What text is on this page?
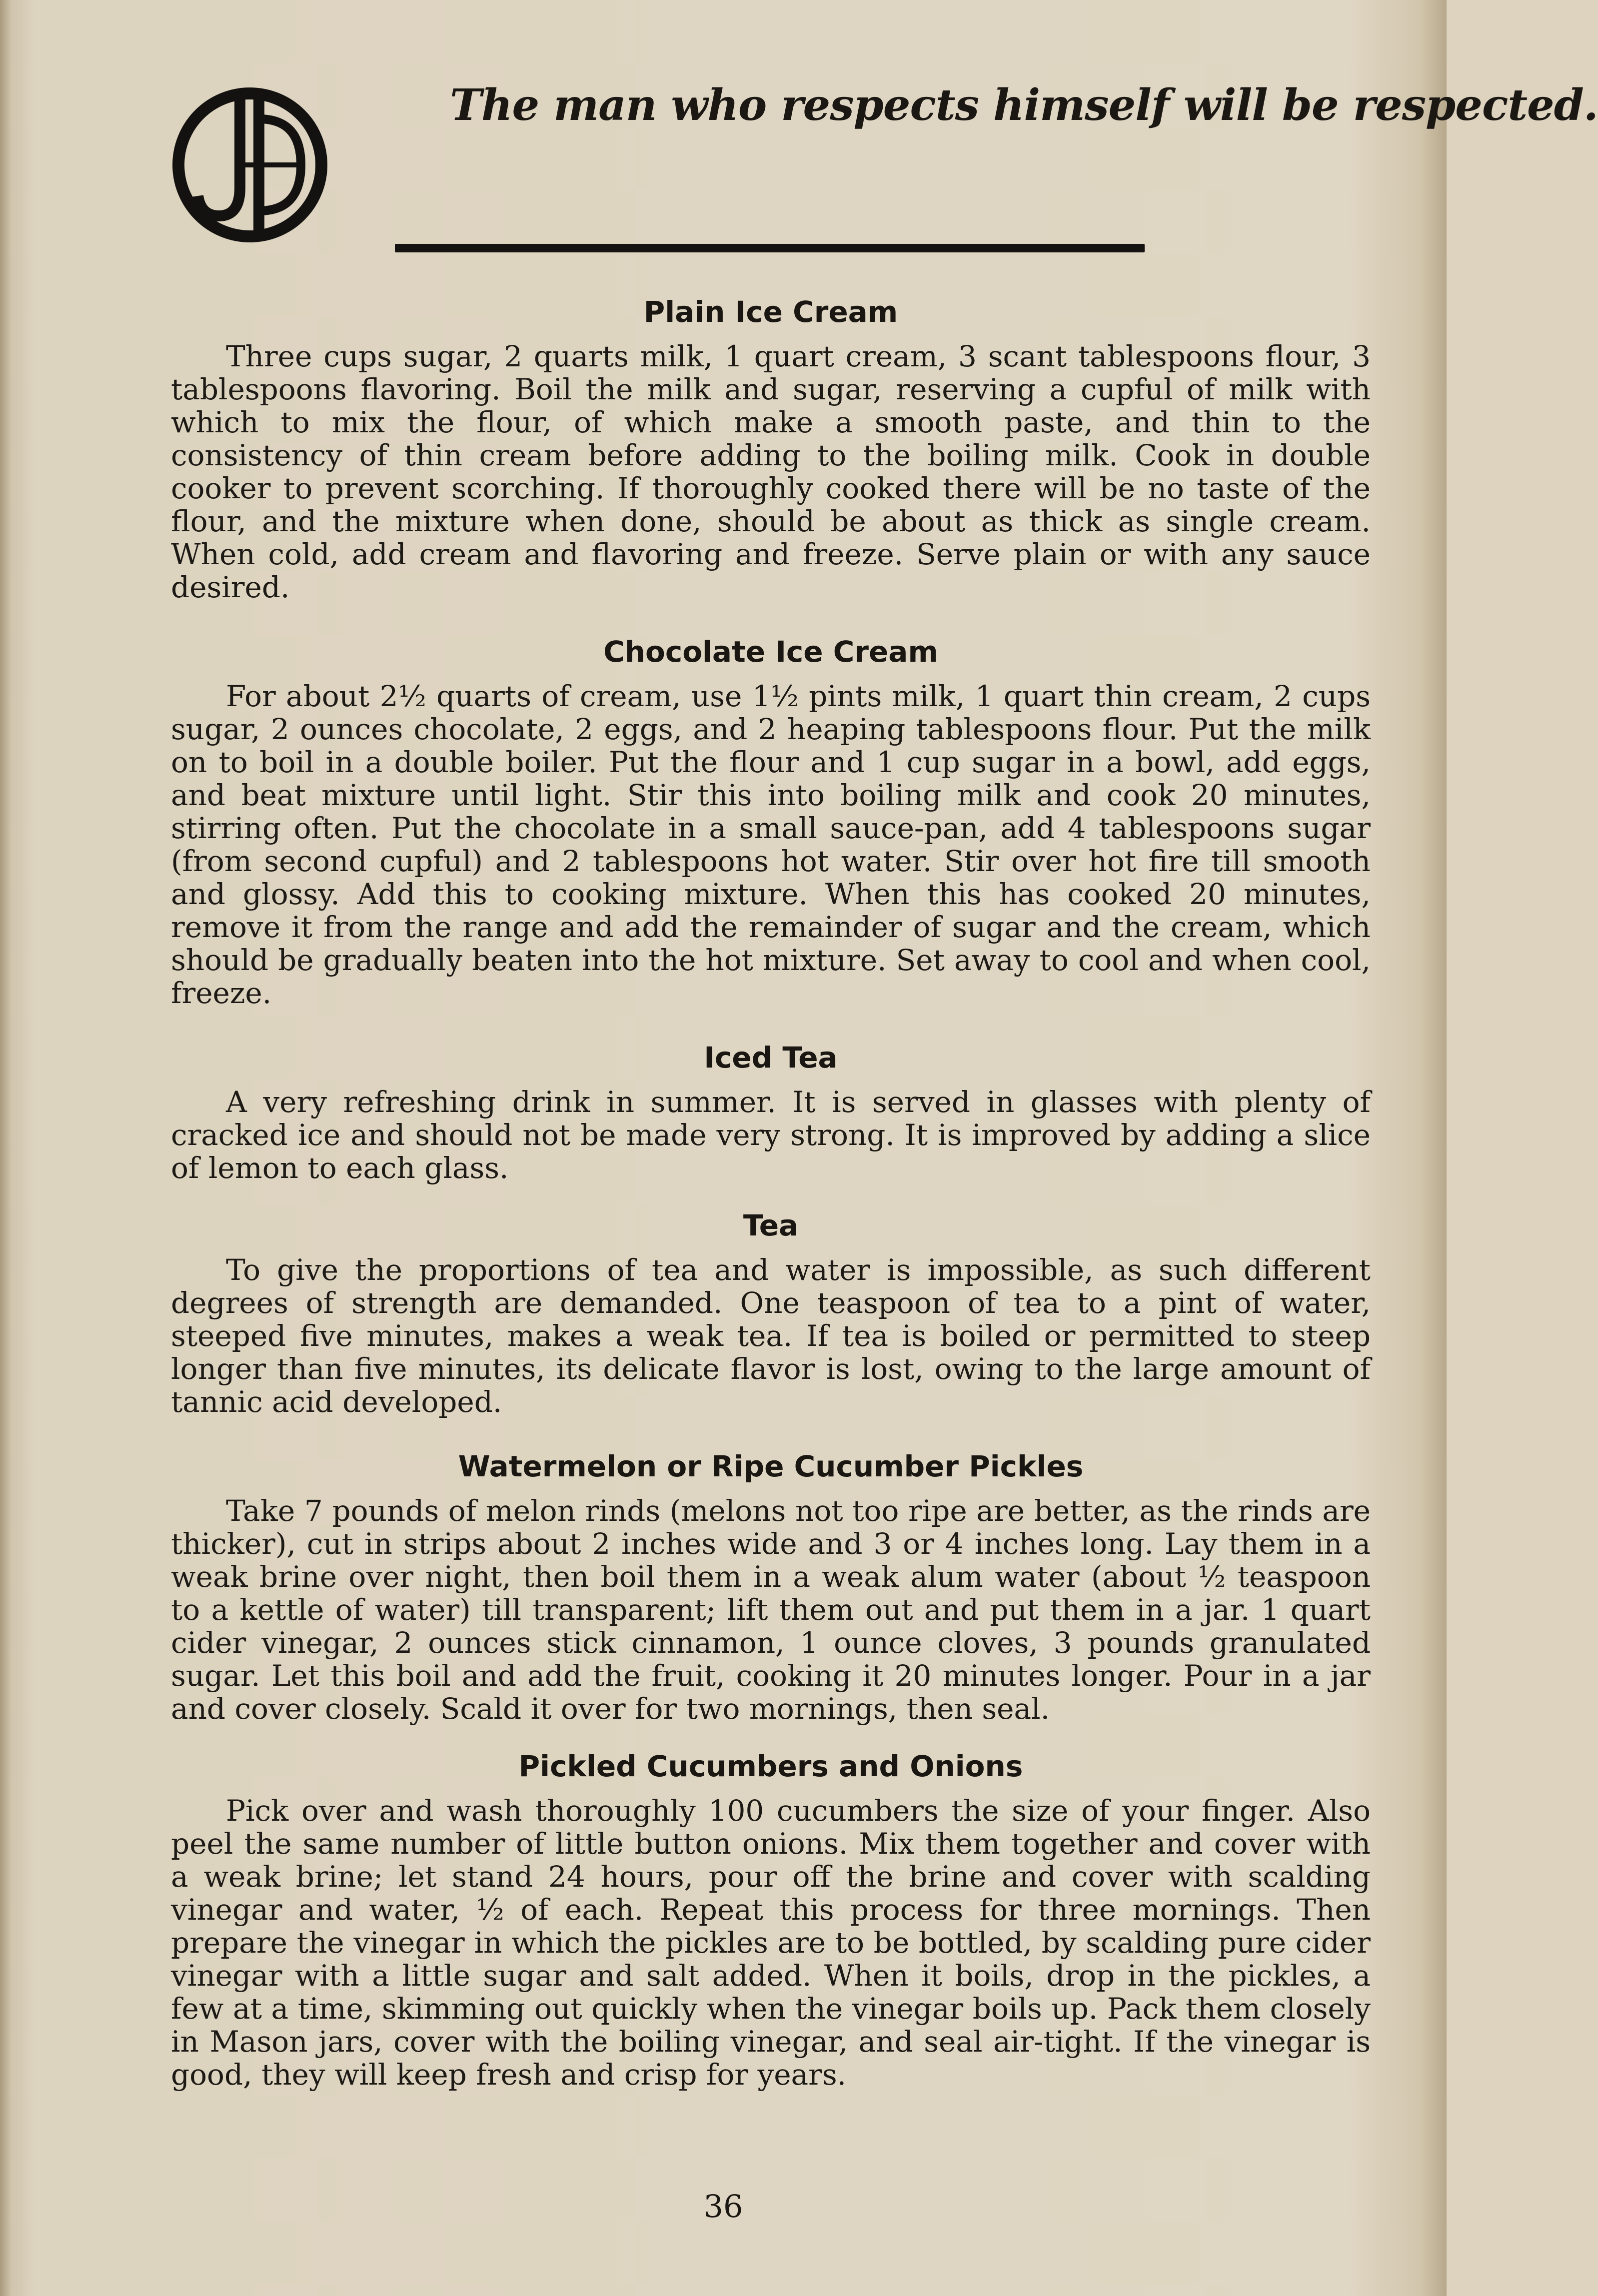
The man who respects himself will be respected.
Plain Ice Cream

Three cups sugar, 2 quarts milk, 1 quart cream, 3 scant tablespoons flour, 3 tablespoons flavoring. Boil the milk and sugar, reserving a cupful of milk with which to mix the flour, of which make a smooth paste, and thin to the consistency of thin cream before adding to the boiling milk. Cook in double cooker to prevent scorching. If thoroughly cooked there will be no taste of the flour, and the mixture when done, should be about as thick as single cream. When cold, add cream and flavoring and freeze. Serve plain or with any sauce desired.

Chocolate Ice Cream

For about 2½ quarts of cream, use 1½ pints milk, 1 quart thin cream, 2 cups sugar, 2 ounces chocolate, 2 eggs, and 2 heaping tablespoons flour. Put the milk on to boil in a double boiler. Put the flour and 1 cup sugar in a bowl, add eggs, and beat mixture until light. Stir this into boiling milk and cook 20 minutes, stirring often. Put the chocolate in a small sauce-pan, add 4 tablespoons sugar (from second cupful) and 2 tablespoons hot water. Stir over hot fire till smooth and glossy. Add this to cooking mixture. When this has cooked 20 minutes, remove it from the range and add the remainder of sugar and the cream, which should be gradually beaten into the hot mixture. Set away to cool and when cool, freeze.

Iced Tea

A very refreshing drink in summer. It is served in glasses with plenty of cracked ice and should not be made very strong. It is improved by adding a slice of lemon to each glass.

Tea

To give the proportions of tea and water is impossible, as such different degrees of strength are demanded. One teaspoon of tea to a pint of water, steeped five minutes, makes a weak tea. If tea is boiled or permitted to steep longer than five minutes, its delicate flavor is lost, owing to the large amount of tannic acid developed.

Watermelon or Ripe Cucumber Pickles

Take 7 pounds of melon rinds (melons not too ripe are better, as the rinds are thicker), cut in strips about 2 inches wide and 3 or 4 inches long. Lay them in a weak brine over night, then boil them in a weak alum water (about ½ teaspoon to a kettle of water) till transparent; lift them out and put them in a jar. 1 quart cider vinegar, 2 ounces stick cinnamon, 1 ounce cloves, 3 pounds granulated sugar. Let this boil and add the fruit, cooking it 20 minutes longer. Pour in a jar and cover closely. Scald it over for two mornings, then seal.

Pickled Cucumbers and Onions

Pick over and wash thoroughly 100 cucumbers the size of your finger. Also peel the same number of little button onions. Mix them together and cover with a weak brine; let stand 24 hours, pour off the brine and cover with scalding vinegar and water, ½ of each. Repeat this process for three mornings. Then prepare the vinegar in which the pickles are to be bottled, by scalding pure cider vinegar with a little sugar and salt added. When it boils, drop in the pickles, a few at a time, skimming out quickly when the vinegar boils up. Pack them closely in Mason jars, cover with the boiling vinegar, and seal air-tight. If the vinegar is good, they will keep fresh and crisp for years.

36
